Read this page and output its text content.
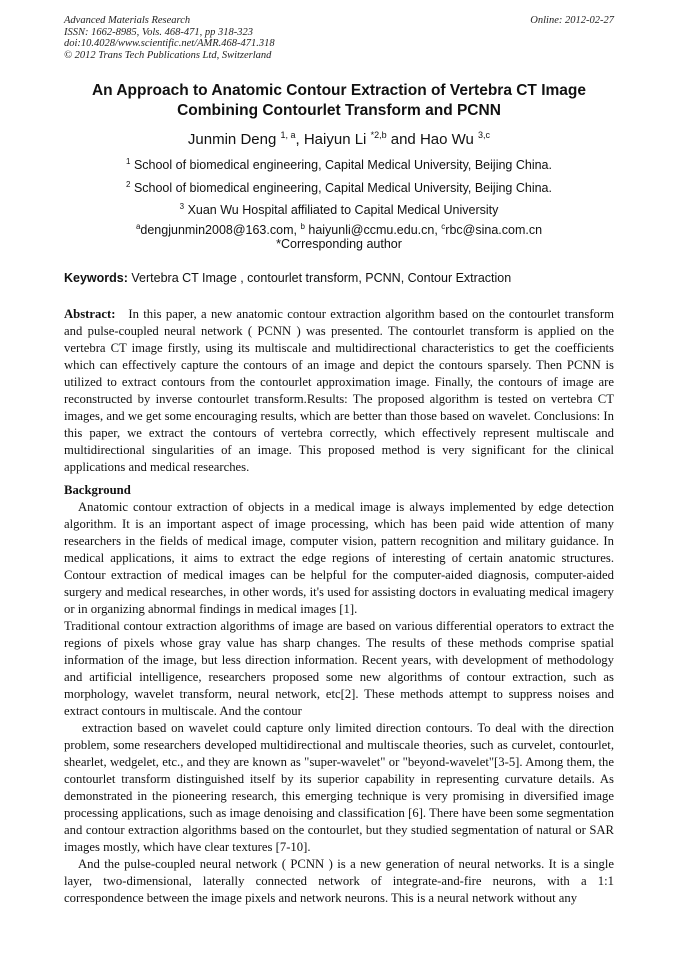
Advanced Materials Research
ISSN: 1662-8985, Vols. 468-471, pp 318-323
doi:10.4028/www.scientific.net/AMR.468-471.318
© 2012 Trans Tech Publications Ltd, Switzerland
Online: 2012-02-27
An Approach to Anatomic Contour Extraction of Vertebra CT Image
Combining Contourlet Transform and PCNN
Junmin Deng $^{1, a}$, Haiyun Li $^{*2,b}$ and Hao Wu $^{3,c}$
$^1$ School of biomedical engineering, Capital Medical University, Beijing China.
$^2$ School of biomedical engineering, Capital Medical University, Beijing China.
$^3$ Xuan Wu Hospital affiliated to Capital Medical University
$^a$dengjunmin2008@163.com, $^b$ haiyunli@ccmu.edu.cn, $^c$rbc@sina.com.cn
*Corresponding author
Keywords: Vertebra CT Image , contourlet transform, PCNN, Contour Extraction

Abstract: In this paper, a new anatomic contour extraction algorithm based on the contourlet transform and pulse-coupled neural network ( PCNN ) was presented. The contourlet transform is applied on the vertebra CT image firstly, using its multiscale and multidirectional characteristics to get the coefficients which can effectively capture the contours of an image and depict the contours sparsely. Then PCNN is utilized to extract contours from the contourlet approximation image. Finally, the contours of image are reconstructed by inverse contourlet transform.Results: The proposed algorithm is tested on vertebra CT images, and we get some encouraging results, which are better than those based on wavelet. Conclusions: In this paper, we extract the contours of vertebra correctly, which effectively represent multiscale and multidirectional singularities of an image. This proposed method is very significant for the clinical applications and medical researches.

Background

Anatomic contour extraction of objects in a medical image is always implemented by edge detection algorithm. It is an important aspect of image processing, which has been paid wide attention of many researchers in the fields of medical image, computer vision, pattern recognition and military guidance. In medical applications, it aims to extract the edge regions of interesting of certain anatomic structures. Contour extraction of medical images can be helpful for the computer-aided diagnosis, computer-aided surgery and medical researches, in other words, it's used for assisting doctors in evaluating medical imagery or in organizing abnormal findings in medical images [1].

Traditional contour extraction algorithms of image are based on various differential operators to extract the regions of pixels whose gray value has sharp changes. The results of these methods comprise spatial information of the image, but less direction information. Recent years, with development of methodology and artificial intelligence, researchers proposed some new algorithms of contour extraction, such as morphology, wavelet transform, neural network, etc[2]. These methods attempt to suppress noises and extract contours in multiscale. And the contour

extraction based on wavelet could capture only limited direction contours. To deal with the direction problem, some researchers developed multidirectional and multiscale theories, such as curvelet, contourlet, shearlet, wedgelet, etc., and they are known as "super-wavelet" or "beyond-wavelet"[3-5]. Among them, the contourlet transform distinguished itself by its superior capability in representing curvature details. As demonstrated in the pioneering research, this emerging technique is very promising in diversified image processing applications, such as image denoising and classification [6]. There have been some segmentation and contour extraction algorithms based on the contourlet, but they studied segmentation of natural or SAR images mostly, which have clear textures [7-10].

And the pulse-coupled neural network ( PCNN ) is a new generation of neural networks. It is a single layer, two-dimensional, laterally connected network of integrate-and-fire neurons, with a 1:1 correspondence between the image pixels and network neurons. This is a neural network without any
